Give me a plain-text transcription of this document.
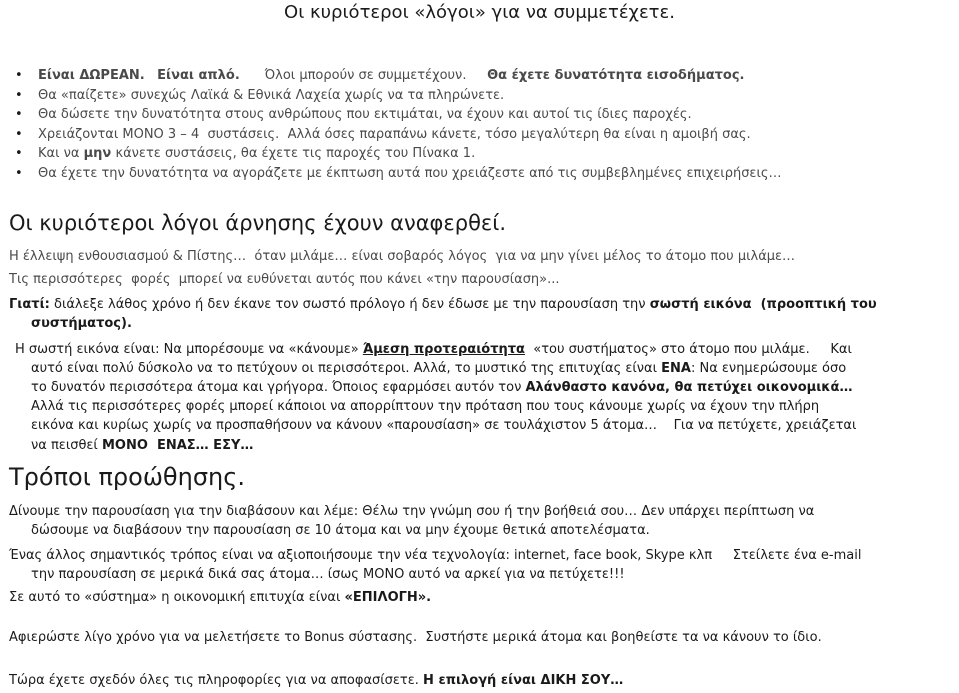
Οι κυριότεροι «λόγοι» για να συμμετέχετε.
• Είναι ΔΩΡΕΑΝ. Είναι απλό. Όλοι μπορούν σε συμμετέχουν. Θα έχετε δυνατότητα εισοδήματος.
• Θα «παίζετε» συνεχώς Λαϊκά & Εθνικά Λαχεία χωρίς να τα πληρώνετε.
• Θα δώσετε την δυνατότητα στους ανθρώπους που εκτιμάται, να έχουν και αυτοί τις ίδιες παροχές.
• Χρειάζονται ΜΟΝΟ 3 – 4  συστάσεις.  Αλλά όσες παραπάνω κάνετε, τόσο μεγαλύτερη θα είναι η αμοιβή σας.
• Και να μην κάνετε συστάσεις, θα έχετε τις παροχές του Πίνακα 1.
• Θα έχετε την δυνατότητα να αγοράζετε με έκπτωση αυτά που χρειάζεστε από τις συμβεβλημένες επιχειρήσεις…
Οι κυριότεροι λόγοι άρνησης έχουν αναφερθεί.
Η έλλειψη ενθουσιασμού & Πίστης…  όταν μιλάμε… είναι σοβαρός λόγος  για να μην γίνει μέλος το άτομο που μιλάμε…
Τις περισσότερες  φορές  μπορεί να ευθύνεται αυτός που κάνει «την παρουσίαση»...
Γιατί: διάλεξε λάθος χρόνο ή δεν έκανε τον σωστό πρόλογο ή δεν έδωσε με την παρουσίαση την σωστή εικόνα  (προοπτική του
συστήματος).
Η σωστή εικόνα είναι: Να μπορέσουμε να «κάνουμε» Άμεση προτεραιότητα «του συστήματος» στο άτομο που μιλάμε.     Και
αυτό είναι πολύ δύσκολο να το πετύχουν οι περισσότεροι. Αλλά, το μυστικό της επιτυχίας είναι ΕΝΑ: Να ενημερώσουμε όσο
το δυνατόν περισσότερα άτομα και γρήγορα. Όποιος εφαρμόσει αυτόν τον Αλάνθαστο κανόνα, θα πετύχει οικονομικά…
Αλλά τις περισσότερες φορές μπορεί κάποιοι να απορρίπτουν την πρόταση που τους κάνουμε χωρίς να έχουν την πλήρη
εικόνα και κυρίως χωρίς να προσπαθήσουν να κάνουν «παρουσίαση» σε τουλάχιστον 5 άτομα…    Για να πετύχετε, χρειάζεται
να πεισθεί ΜΟΝΟ  ΕΝΑΣ… ΕΣΥ…
Τρόποι προώθησης.
Δίνουμε την παρουσίαση για την διαβάσουν και λέμε: Θέλω την γνώμη σου ή την βοήθειά σου… Δεν υπάρχει περίπτωση να
δώσουμε να διαβάσουν την παρουσίαση σε 10 άτομα και να μην έχουμε θετικά αποτελέσματα.
Ένας άλλος σημαντικός τρόπος είναι να αξιοποιήσουμε την νέα τεχνολογία: internet, face book, Skype κλπ     Στείλετε ένα e-mail
την παρουσίαση σε μερικά δικά σας άτομα… ίσως ΜΟΝΟ αυτό να αρκεί για να πετύχετε!!!
Σε αυτό το «σύστημα» η οικονομική επιτυχία είναι «ΕΠΙΛΟΓΗ».
Αφιερώστε λίγο χρόνο για να μελετήσετε το Bonus σύστασης.  Συστήστε μερικά άτομα και βοηθείστε τα να κάνουν το ίδιο.
Τώρα έχετε σχεδόν όλες τις πληροφορίες για να αποφασίσετε. Η επιλογή είναι ΔΙΚΗ ΣΟΥ…
